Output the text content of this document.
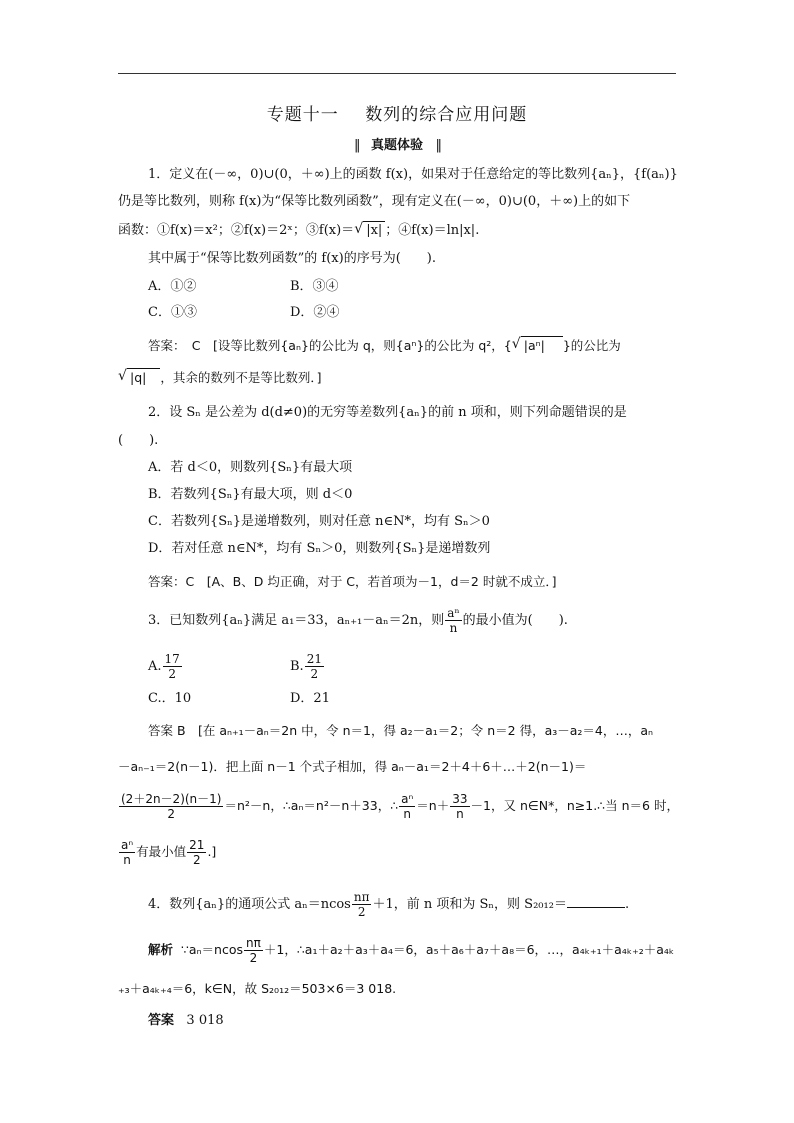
专题十一 数列的综合应用问题
‖ 真题体验 ‖
1．定义在(－∞，0)∪(0，＋∞)上的函数 f(x)，如果对于任意给定的等比数列{aₙ}，{f(aₙ)}
仍是等比数列，则称 f(x)为“保等比数列函数”，现有定义在(－∞，0)∪(0，＋∞)上的如下
函数：①f(x)＝x²；②f(x)＝2ˣ；③f(x)＝ √ |x| ；④f(x)＝ln|x|.
其中属于“保等比数列函数”的 f(x)的序号为(　　).
A．①②	B．③④
C．①③	D．②④
答案：　C　[设等比数列{aₙ}的公比为 q，则{aⁿ}的公比为 q²，{ √ |aⁿ| }的公比为
√ |q| ，其余的数列不是等比数列．]
2．设 Sₙ 是公差为 d(d≠0)的无穷等差数列{aₙ}的前 n 项和，则下列命题错误的是
(　　).
A．若 d＜0，则数列{Sₙ}有最大项
B．若数列{Sₙ}有最大项，则 d＜0
C．若数列{Sₙ}是递增数列，则对任意 n∈N*，均有 Sₙ＞0
D．若对任意 n∈N*，均有 Sₙ＞0，则数列{Sₙ}是递增数列
答案：C　[A、B、D 均正确，对于 C，若首项为－1，d＝2 时就不成立．]
3．已知数列{aₙ}满足 a₁＝33，aₙ₊₁－aₙ＝2n，则 $\frac{\text{aⁿ}}{n}$ 的最小值为(　　).
A. $\frac{17}{2}$	B. $\frac{21}{2}$
C.．10	D．21
答案 B　[在 aₙ₊₁－aₙ＝2n 中，令 n＝1，得 a₂－a₁＝2；令 n＝2 得，a₃－a₂＝4，…，aₙ
－aₙ₋₁＝2(n－1)．把上面 n－1 个式子相加，得 aₙ－a₁＝2＋4＋6＋…＋2(n－1)＝
$\frac{(2+2n-2)(n-1)}{2} =n^2-n$，∴aₙ＝n²－n＋33，∴ $\frac{\text{aⁿ}}{n} =n+ \frac{33}{n} -1$，又 n∈N*，n≥1.∴当 n＝6 时，
$\frac{\text{aⁿ}}{n}$ 有最小值 $\frac{21}{2}$ .]
4．数列{aₙ}的通项公式 $a_n=ncos \frac{n\pi}{2} +1$，前 n 项和为 Sₙ，则 S₂₀₁₂＝	.
解析 ∵aₙ＝ncos $\frac{n\pi}{2} +1$，∴a₁＋a₂＋a₃＋a₄＝6，a₅＋a₆＋a₇＋a₈＝6，…，a₄ₖ₊₁＋a₄ₖ₊₂＋a₄ₖ
₊₃＋a₄ₖ₊₄＝6，k∈N，故 S₂₀₁₂＝503×6＝3 018.
答案 3 018
